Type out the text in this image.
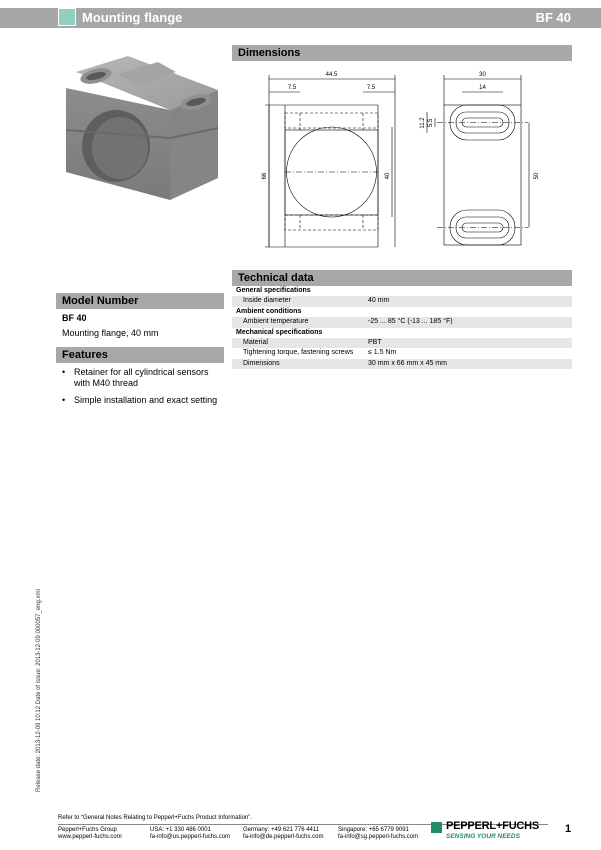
Mounting flange	BF 40
Model Number
BF 40
Mounting flange, 40 mm
Features
• Retainer for all cylindrical sensors with M40 thread
• Simple installation and exact setting
Dimensions
44.5
7.5	7.5
66	40
30
14
11.2 5.5
50
Technical data
General specifications	
Inside diameter	40 mm
Ambient conditions	
Ambient temperature	-25 ... 85 °C (-13 ... 185 °F)
Mechanical specifications	
Material	PBT
Tightening torque, fastening screws	≤ 1.5 Nm
Dimensions	30 mm x 66 mm x 45 mm
Release date: 2013-12-09 10:12 Date of issue: 2013-12-09 000057_eng.xml
Refer to “General Notes Relating to Pepperl+Fuchs Product Information”.
Pepperl+Fuchs Group
www.pepperl-fuchs.com
USA: +1 330 486 0001
fa-info@us.pepperl-fuchs.com
Germany: +49 621 776 4411
fa-info@de.pepperl-fuchs.com
Singapore: +65 6779 9091
fa-info@sg.pepperl-fuchs.com
PEPPERL+FUCHS
SENSING YOUR NEEDS
1
